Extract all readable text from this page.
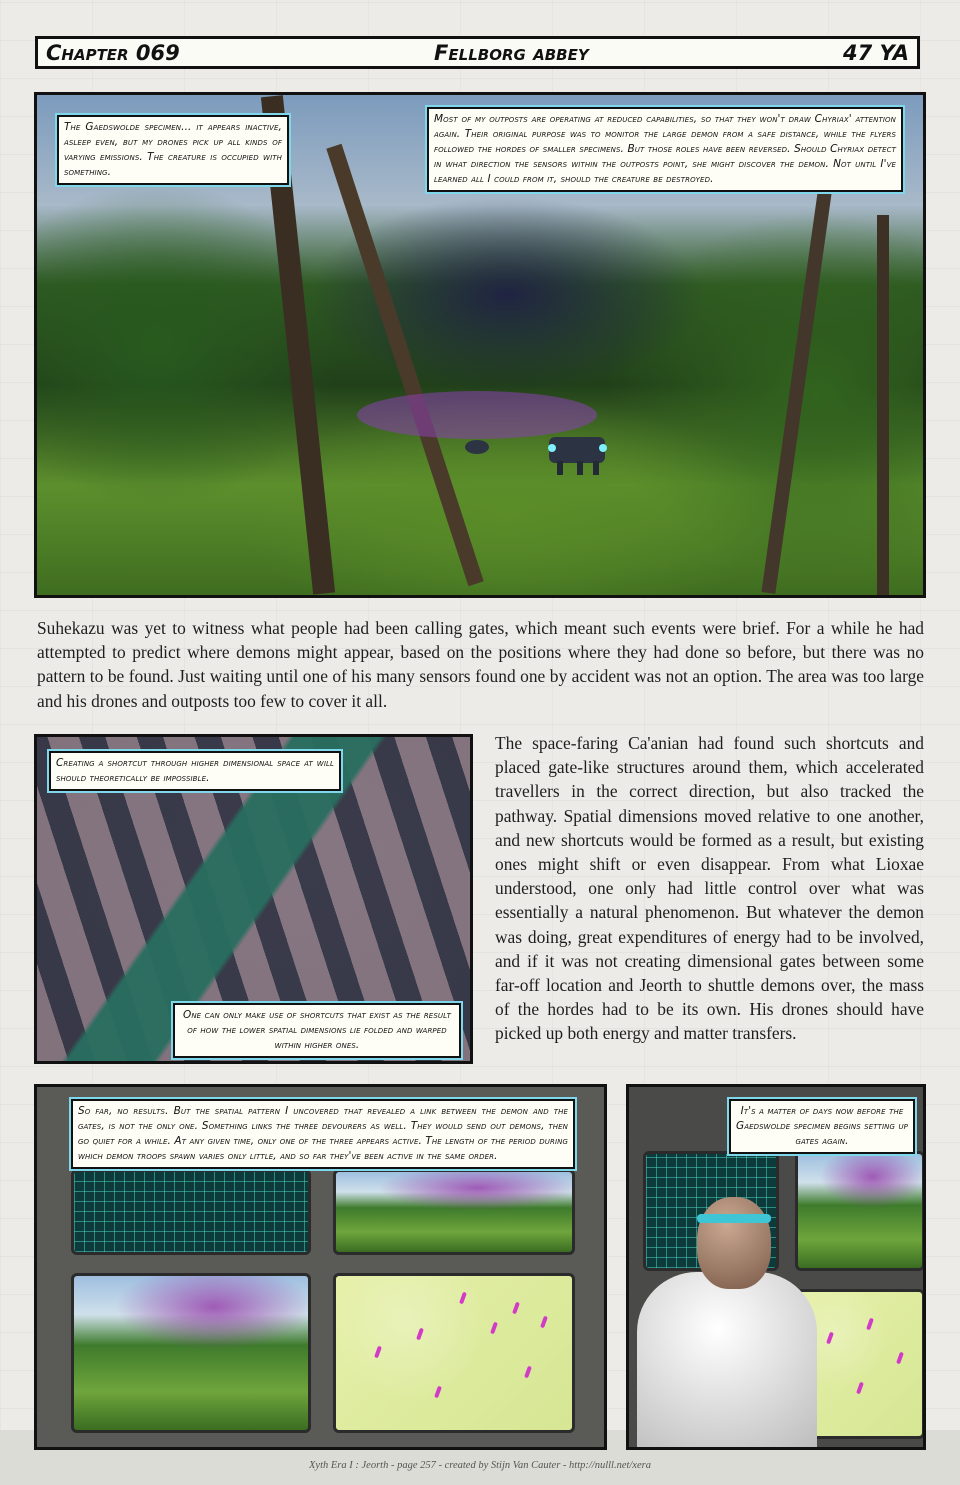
Chapter 069	Fellborg abbey	47 YA
The Gaedswolde specimen... it appears inactive, asleep even, but my drones pick up all kinds of varying emissions. The creature is occupied with something.
Most of my outposts are operating at reduced capabilities, so that they won't draw Chyriax' attention again. Their original purpose was to monitor the large demon from a safe distance, while the flyers followed the hordes of smaller specimens. But those roles have been reversed. Should Chyriax detect in what direction the sensors within the outposts point, she might discover the demon. Not until I've learned all I could from it, should the creature be destroyed.
Suhekazu was yet to witness what people had been calling gates, which meant such events were brief. For a while he had attempted to predict where demons might appear, based on the positions where they had done so before, but there was no pattern to be found. Just waiting until one of his many sensors found one by accident was not an option. The area was too large and his drones and outposts too few to cover it all.
Creating a shortcut through higher dimensional space at will should theoretically be impossible.
One can only make use of shortcuts that exist as the result of how the lower spatial dimensions lie folded and warped within higher ones.
The space-faring Ca'anian had found such shortcuts and placed gate-like structures around them, which accelerated travellers in the correct direction, but also tracked the pathway. Spatial dimensions moved relative to one another, and new shortcuts would be formed as a result, but existing ones might shift or even disappear. From what Lioxae understood, one only had little control over what was essentially a natural phenomenon. But whatever the demon was doing, great expenditures of energy had to be involved, and if it was not creating dimensional gates between some far-off location and Jeorth to shuttle demons over, the mass of the hordes had to be its own. His drones should have picked up both energy and matter transfers.
So far, no results. But the spatial pattern I uncovered that revealed a link between the demon and the gates, is not the only one. Something links the three devourers as well. They would send out demons, then go quiet for a while. At any given time, only one of the three appears active. The length of the period during which demon troops spawn varies only little, and so far they've been active in the same order.
It's a matter of days now before the Gaedswolde specimen begins setting up gates again.
Xyth Era I : Jeorth - page 257 - created by Stijn Van Cauter - http://nulll.net/xera
